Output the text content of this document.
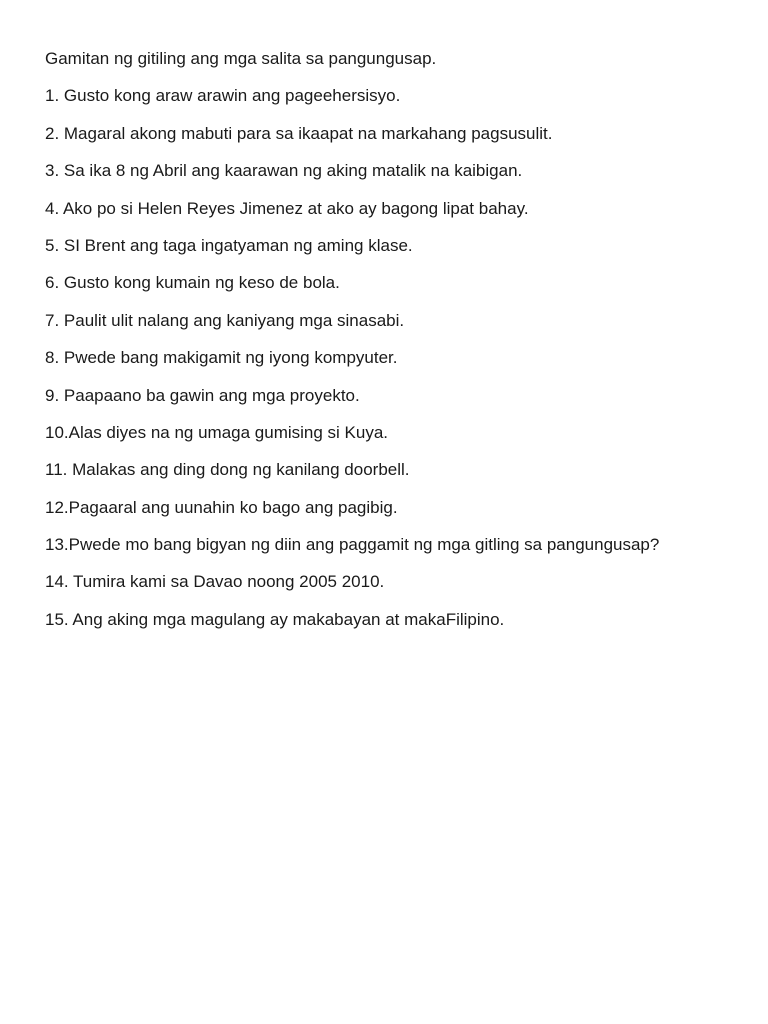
Gamitan ng gitiling ang mga salita sa pangungusap.
1. Gusto kong araw arawin ang pageehersisyo.
2. Magaral akong mabuti para sa ikaapat na markahang pagsusulit.
3. Sa ika 8 ng Abril ang kaarawan ng aking matalik na kaibigan.
4. Ako po si Helen Reyes Jimenez at ako ay bagong lipat bahay.
5. SI Brent ang taga ingatyaman ng aming klase.
6. Gusto kong kumain ng keso de bola.
7. Paulit ulit nalang ang kaniyang mga sinasabi.
8. Pwede bang makigamit ng iyong kompyuter.
9. Paapaano ba gawin ang mga proyekto.
10.Alas diyes na ng umaga gumising si Kuya.
11. Malakas ang ding dong ng kanilang doorbell.
12.Pagaaral ang uunahin ko bago ang pagibig.
13.Pwede mo bang bigyan ng diin ang paggamit ng mga gitling sa pangungusap?
14. Tumira kami sa Davao noong 2005 2010.
15. Ang aking mga magulang ay makabayan at makaFilipino.
